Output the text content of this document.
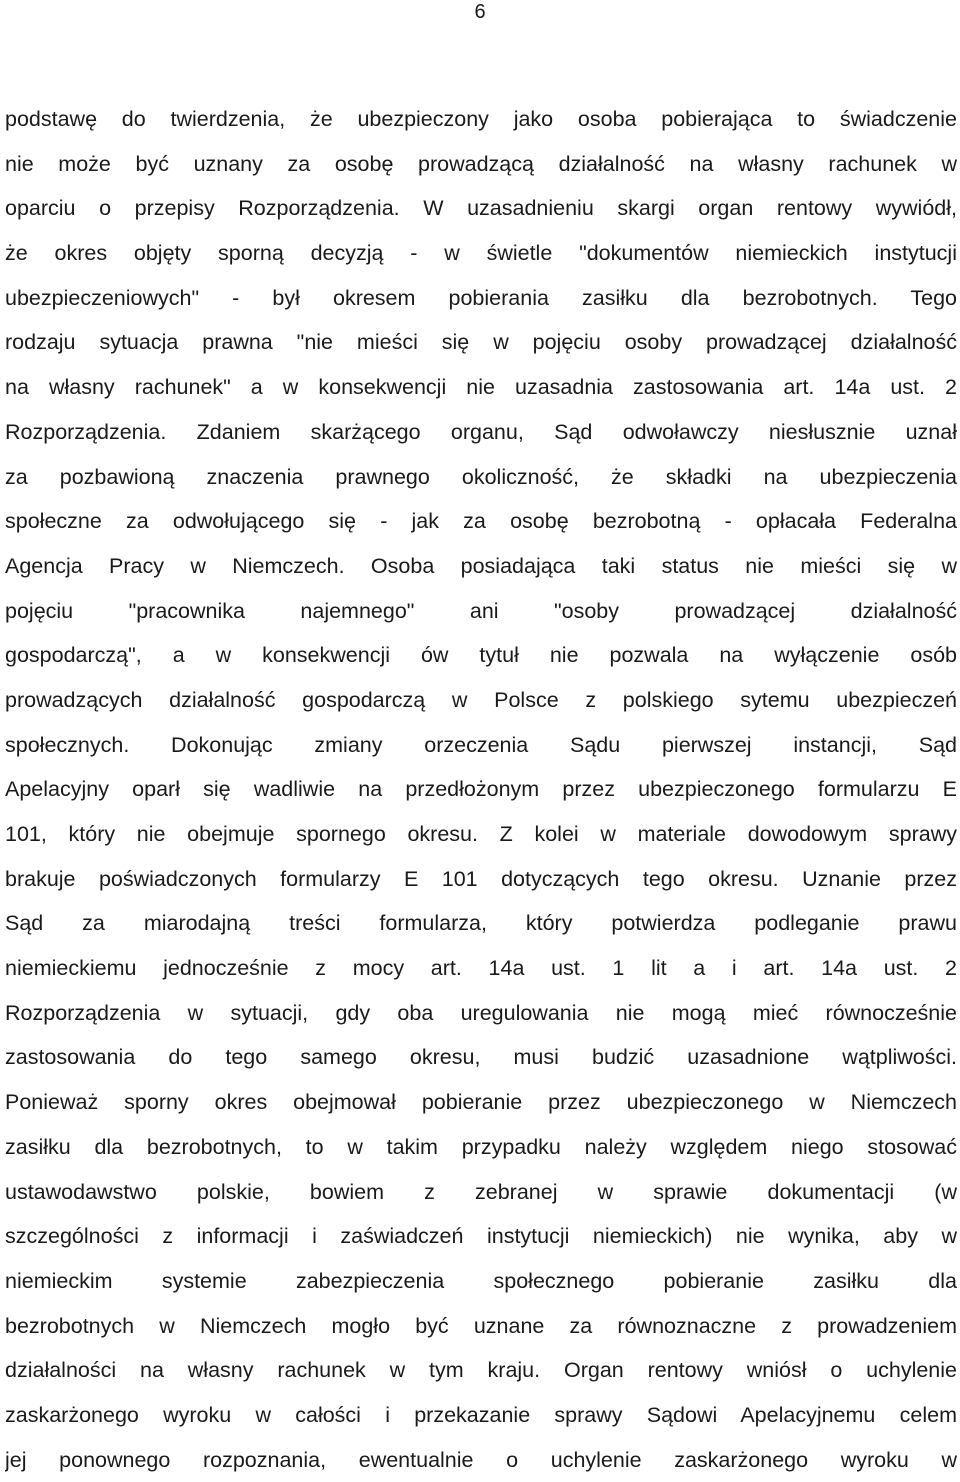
6
podstawę do twierdzenia, że ubezpieczony jako osoba pobierająca to świadczenie
nie może być uznany za osobę prowadzącą działalność na własny rachunek w
oparciu o przepisy Rozporządzenia. W uzasadnieniu skargi organ rentowy wywiódł,
że okres objęty sporną decyzją - w świetle "dokumentów niemieckich instytucji
ubezpieczeniowych" - był okresem pobierania zasiłku dla bezrobotnych. Tego
rodzaju sytuacja prawna "nie mieści się w pojęciu osoby prowadzącej działalność
na własny rachunek" a w konsekwencji nie uzasadnia zastosowania art. 14a ust. 2
Rozporządzenia. Zdaniem skarżącego organu, Sąd odwoławczy niesłusznie uznał
za pozbawioną znaczenia prawnego okoliczność, że składki na ubezpieczenia
społeczne za odwołującego się - jak za osobę bezrobotną - opłacała Federalna
Agencja Pracy w Niemczech. Osoba posiadająca taki status nie mieści się w
pojęciu "pracownika najemnego" ani "osoby prowadzącej działalność
gospodarczą", a w konsekwencji ów tytuł nie pozwala na wyłączenie osób
prowadzących działalność gospodarczą w Polsce z polskiego sytemu ubezpieczeń
społecznych. Dokonując zmiany orzeczenia Sądu pierwszej instancji, Sąd
Apelacyjny oparł się wadliwie na przedłożonym przez ubezpieczonego formularzu E
101, który nie obejmuje spornego okresu. Z kolei w materiale dowodowym sprawy
brakuje poświadczonych formularzy E 101 dotyczących tego okresu. Uznanie przez
Sąd za miarodajną treści formularza, który potwierdza podleganie prawu
niemieckiemu jednocześnie z mocy art. 14a ust. 1 lit a i art. 14a ust. 2
Rozporządzenia w sytuacji, gdy oba uregulowania nie mogą mieć równocześnie
zastosowania do tego samego okresu, musi budzić uzasadnione wątpliwości.
Ponieważ sporny okres obejmował pobieranie przez ubezpieczonego w Niemczech
zasiłku dla bezrobotnych, to w takim przypadku należy względem niego stosować
ustawodawstwo polskie, bowiem z zebranej w sprawie dokumentacji (w
szczególności z informacji i zaświadczeń instytucji niemieckich) nie wynika, aby w
niemieckim systemie zabezpieczenia społecznego pobieranie zasiłku dla
bezrobotnych w Niemczech mogło być uznane za równoznaczne z prowadzeniem
działalności na własny rachunek w tym kraju. Organ rentowy wniósł o uchylenie
zaskarżonego wyroku w całości i przekazanie sprawy Sądowi Apelacyjnemu celem
jej ponownego rozpoznania, ewentualnie o uchylenie zaskarżonego wyroku w
